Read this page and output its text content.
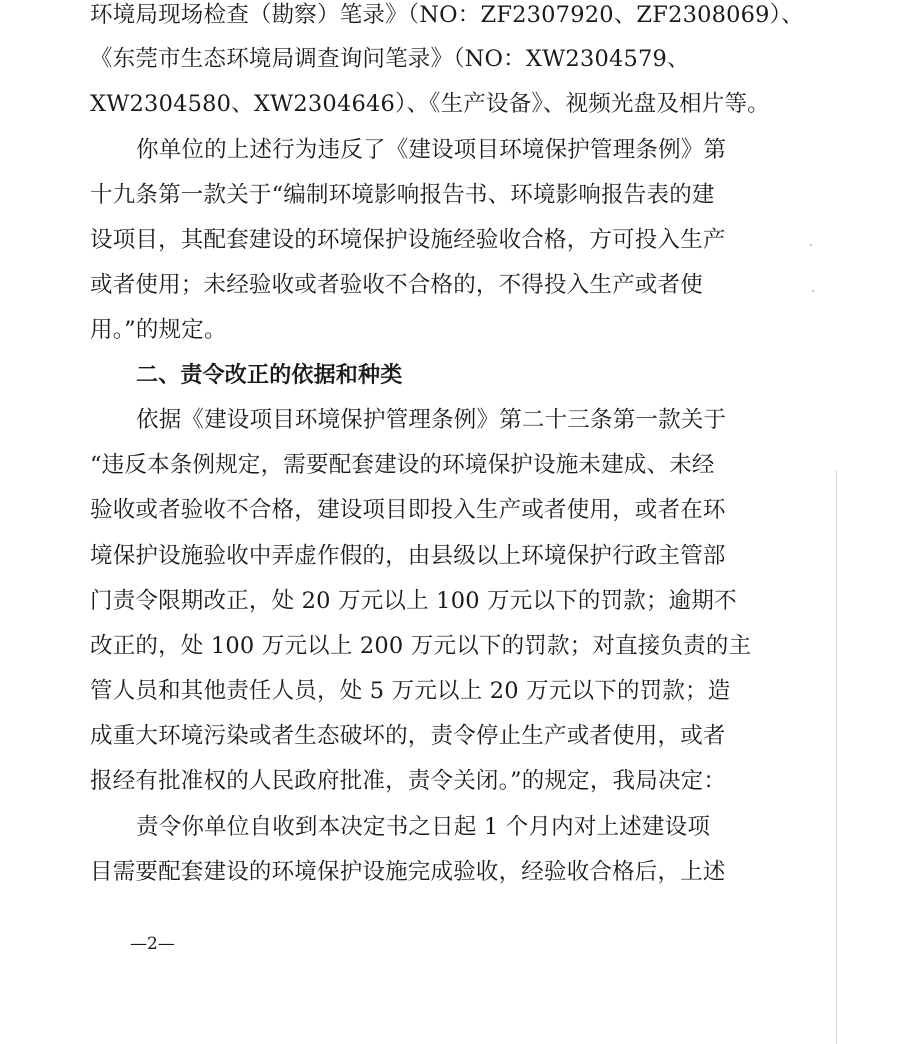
环境局现场检查（勘察）笔录》（NO：ZF2307920、ZF2308069）、
《东莞市生态环境局调查询问笔录》（NO：XW2304579、
XW2304580、XW2304646）、《生产设备》、视频光盘及相片等。
你单位的上述行为违反了《建设项目环境保护管理条例》第
十九条第一款关于“编制环境影响报告书、环境影响报告表的建
设项目，其配套建设的环境保护设施经验收合格，方可投入生产
或者使用；未经验收或者验收不合格的，不得投入生产或者使
用。”的规定。
二、责令改正的依据和种类
依据《建设项目环境保护管理条例》第二十三条第一款关于
“违反本条例规定，需要配套建设的环境保护设施未建成、未经
验收或者验收不合格，建设项目即投入生产或者使用，或者在环
境保护设施验收中弄虚作假的，由县级以上环境保护行政主管部
门责令限期改正，处 20 万元以上 100 万元以下的罚款；逾期不
改正的，处 100 万元以上 200 万元以下的罚款；对直接负责的主
管人员和其他责任人员，处 5 万元以上 20 万元以下的罚款；造
成重大环境污染或者生态破坏的，责令停止生产或者使用，或者
报经有批准权的人民政府批准，责令关闭。”的规定，我局决定：
责令你单位自收到本决定书之日起 1 个月内对上述建设项
目需要配套建设的环境保护设施完成验收，经验收合格后，上述
—2—
